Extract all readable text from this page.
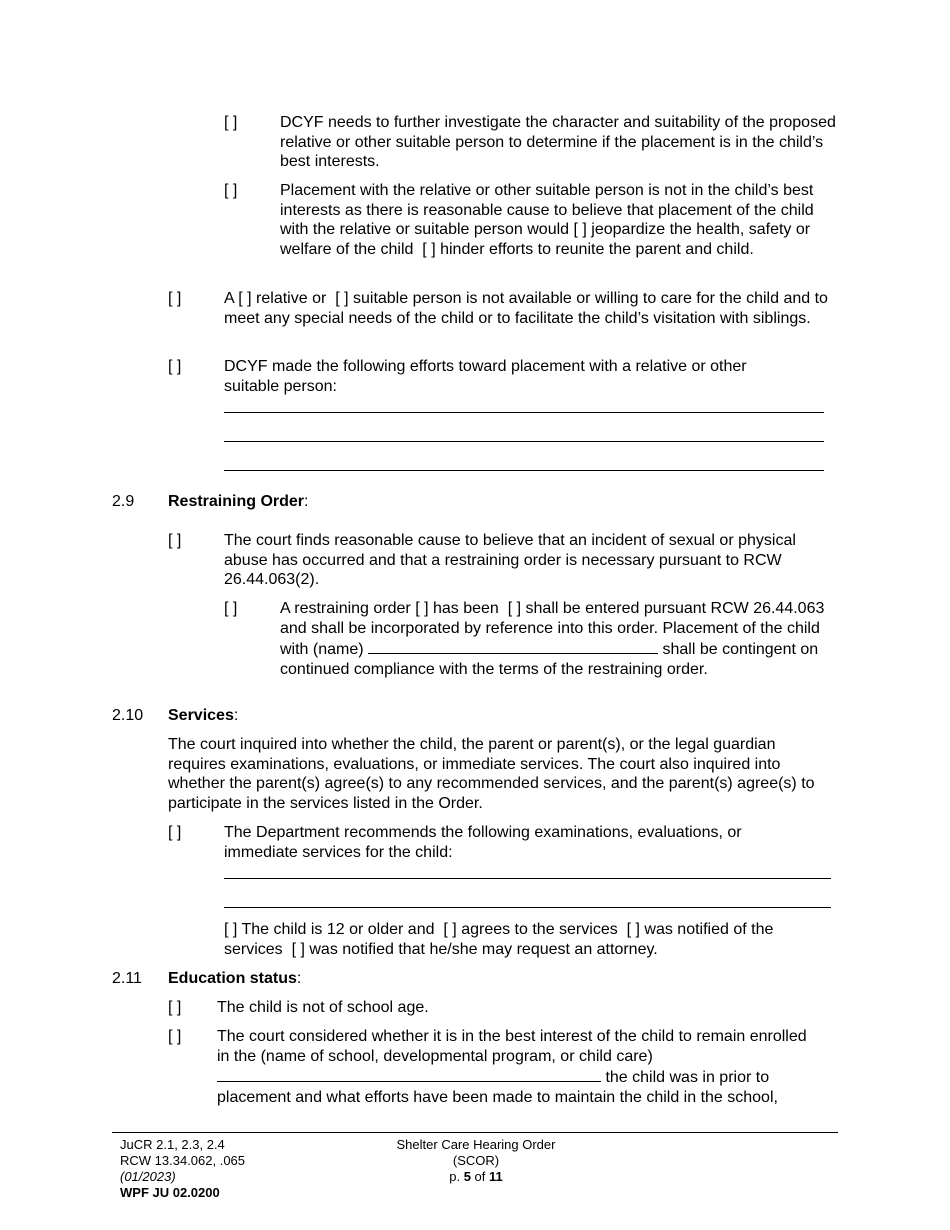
[ ]	DCYF needs to further investigate the character and suitability of the proposed relative or other suitable person to determine if the placement is in the child’s best interests.
[ ]	Placement with the relative or other suitable person is not in the child’s best interests as there is reasonable cause to believe that placement of the child with the relative or suitable person would [ ] jeopardize the health, safety or welfare of the child [ ] hinder efforts to reunite the parent and child.
[ ]	A [ ] relative or [ ] suitable person is not available or willing to care for the child and to meet any special needs of the child or to facilitate the child’s visitation with siblings.
[ ]	DCYF made the following efforts toward placement with a relative or other suitable person:
2.9 Restraining Order:
[ ]	The court finds reasonable cause to believe that an incident of sexual or physical abuse has occurred and that a restraining order is necessary pursuant to RCW 26.44.063(2).
[ ]	A restraining order [ ] has been [ ] shall be entered pursuant RCW 26.44.063 and shall be incorporated by reference into this order. Placement of the child with (name)	shall be contingent on continued compliance with the terms of the restraining order.
2.10 Services:
The court inquired into whether the child, the parent or parent(s), or the legal guardian requires examinations, evaluations, or immediate services. The court also inquired into whether the parent(s) agree(s) to any recommended services, and the parent(s) agree(s) to participate in the services listed in the Order.
[ ]	The Department recommends the following examinations, evaluations, or immediate services for the child:
[ ] The child is 12 or older and [ ] agrees to the services [ ] was notified of the services [ ] was notified that he/she may request an attorney.
2.11 Education status:
[ ]	The child is not of school age.
[ ]	The court considered whether it is in the best interest of the child to remain enrolled in the (name of school, developmental program, or child care)  the child was in prior to placement and what efforts have been made to maintain the child in the school,
JuCR 2.1, 2.3, 2.4
RCW 13.34.062, .065
(01/2023)
WPF JU 02.0200
Shelter Care Hearing Order
(SCOR)
p. 5 of 11
